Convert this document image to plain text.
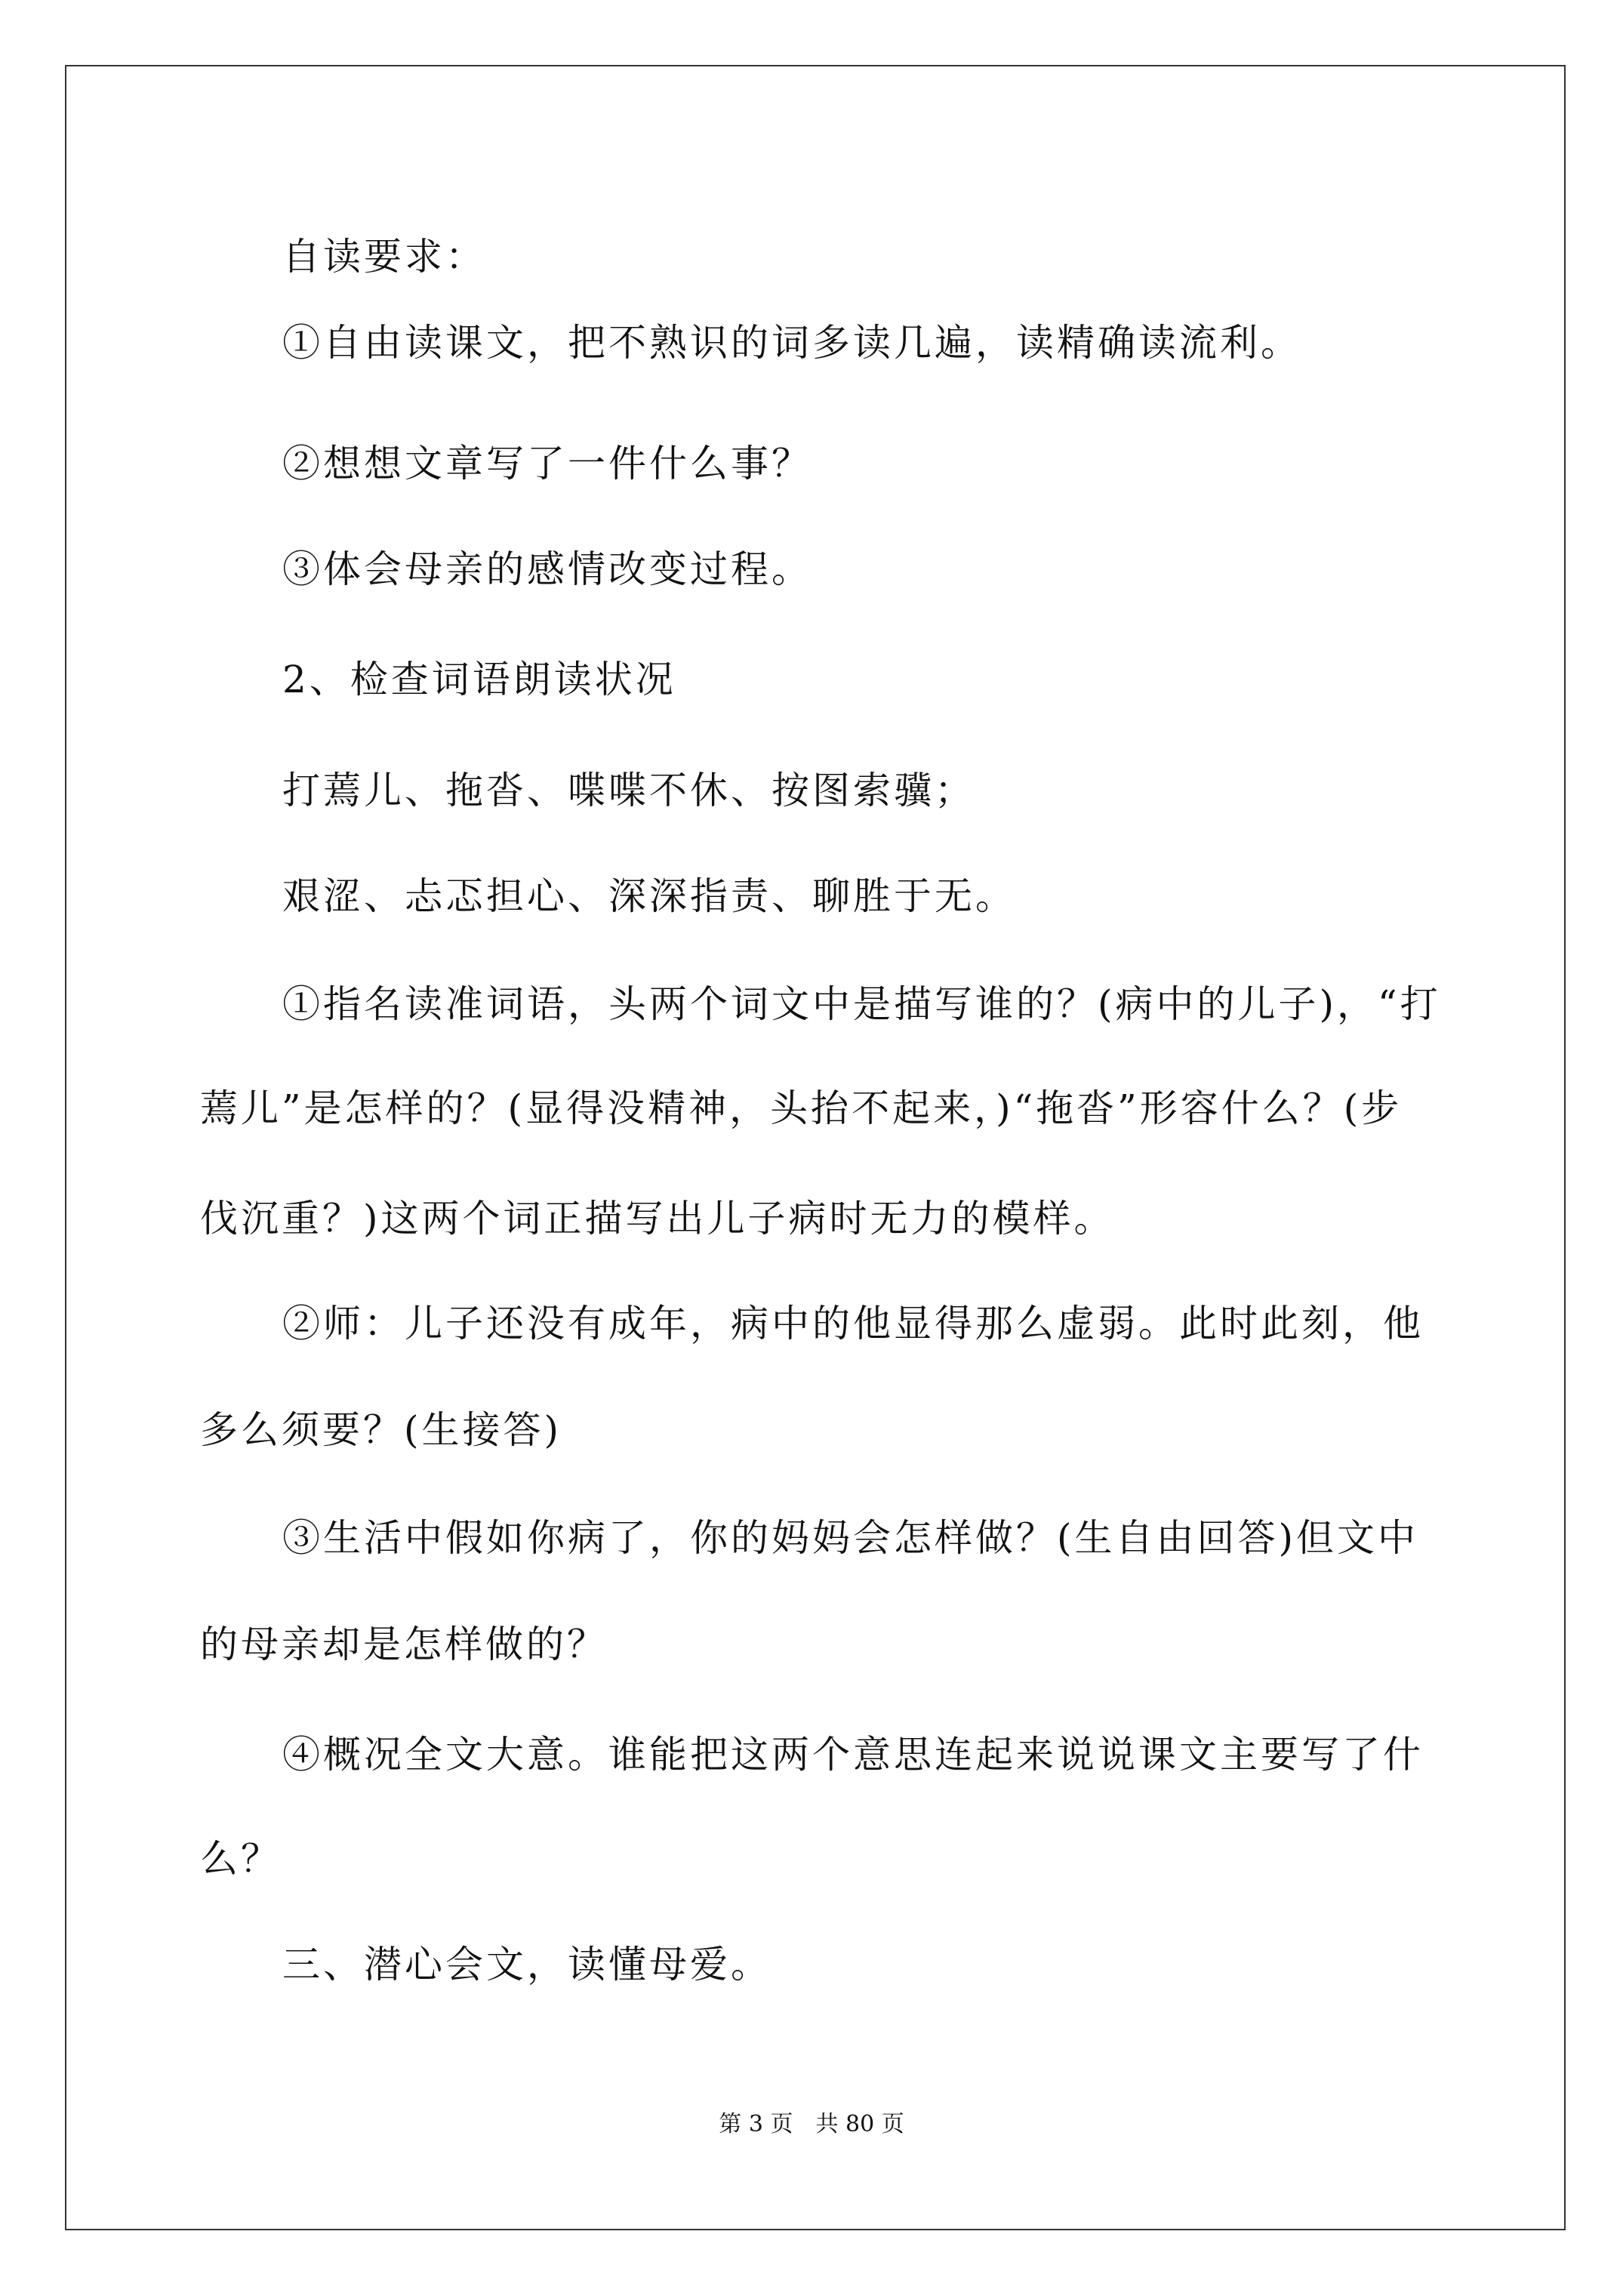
自读要求：
①自由读课文，把不熟识的词多读几遍，读精确读流利。
②想想文章写了一件什么事？
③体会母亲的感情改变过程。
2、检查词语朗读状况
打蔫儿、拖沓、喋喋不休、按图索骥；
艰涩、忐忑担心、深深指责、聊胜于无。
①指名读准词语，头两个词文中是描写谁的？(病中的儿子)，“打
蔫儿”是怎样的？(显得没精神，头抬不起来，)“拖沓”形容什么？(步
伐沉重？)这两个词正描写出儿子病时无力的模样。
②师：儿子还没有成年，病中的他显得那么虚弱。此时此刻，他
多么须要？(生接答)
③生活中假如你病了，你的妈妈会怎样做？(生自由回答)但文中
的母亲却是怎样做的？
④概况全文大意。谁能把这两个意思连起来说说课文主要写了什
么？
三、潜心会文，读懂母爱。
第 3 页　共 80 页
